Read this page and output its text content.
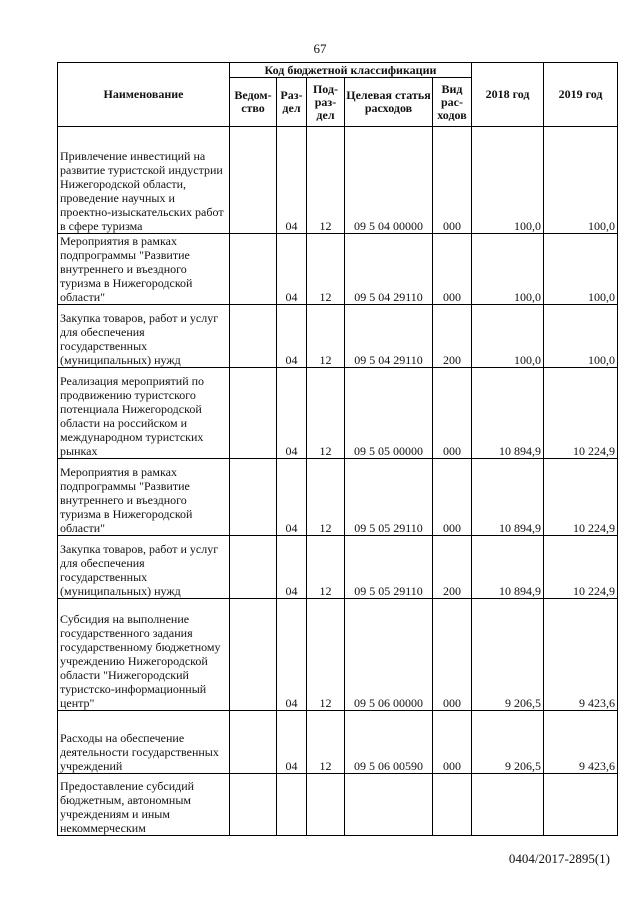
67
Наименование	Код бюджетной классификации					2018 год	2019 год
	Ведом-ство	Раз-дел	Под-раз-дел	Целевая статья расходов	Вид рас-ходов		
Привлечение инвестиций на развитие туристской индустрии Нижегородской области, проведение научных и проектно-изыскательских работ в сфере туризма		04	12	09 5 04 00000	000	100,0	100,0
Мероприятия в рамках подпрограммы "Развитие внутреннего и въездного туризма в Нижегородской области"		04	12	09 5 04 29110	000	100,0	100,0
Закупка товаров, работ и услуг для обеспечения государственных (муниципальных) нужд		04	12	09 5 04 29110	200	100,0	100,0
Реализация мероприятий по продвижению туристского потенциала Нижегородской области на российском и международном туристских рынках		04	12	09 5 05 00000	000	10 894,9	10 224,9
Мероприятия в рамках подпрограммы "Развитие внутреннего и въездного туризма в Нижегородской области"		04	12	09 5 05 29110	000	10 894,9	10 224,9
Закупка товаров, работ и услуг для обеспечения государственных (муниципальных) нужд		04	12	09 5 05 29110	200	10 894,9	10 224,9
Субсидия на выполнение государственного задания государственному бюджетному учреждению Нижегородской области "Нижегородский туристско-информационный центр"		04	12	09 5 06 00000	000	9 206,5	9 423,6
Расходы на обеспечение деятельности государственных учреждений		04	12	09 5 06 00590	000	9 206,5	9 423,6
Предоставление субсидий бюджетным, автономным учреждениям и иным некоммерческим							
0404/2017-2895(1)
